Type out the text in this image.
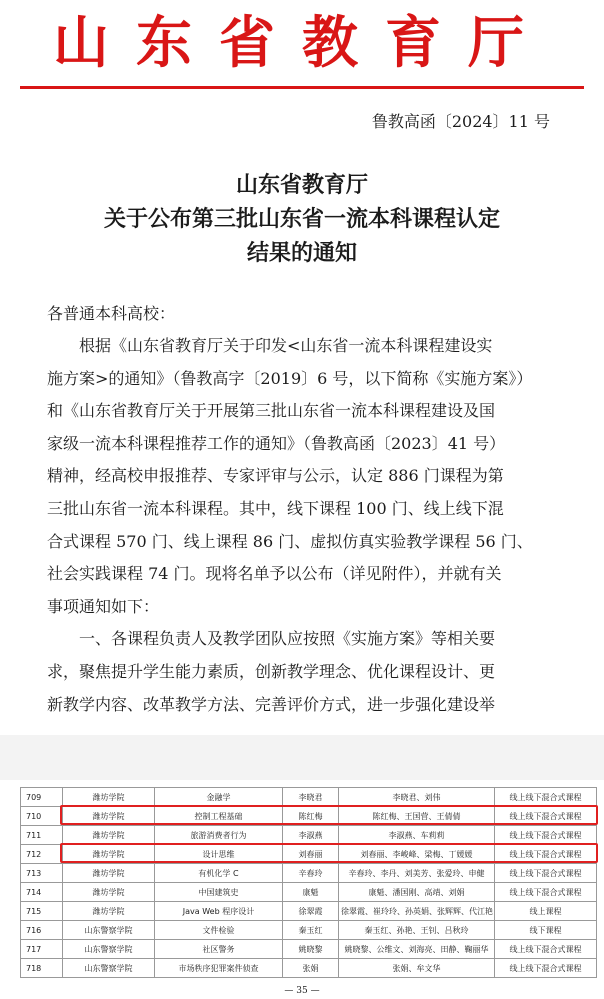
山东省教育厅
鲁教高函〔2024〕11 号
山东省教育厅
关于公布第三批山东省一流本科课程认定
结果的通知
各普通本科高校：
根据《山东省教育厅关于印发<山东省一流本科课程建设实
施方案>的通知》（鲁教高字〔2019〕6 号，以下简称《实施方案》）
和《山东省教育厅关于开展第三批山东省一流本科课程建设及国
家级一流本科课程推荐工作的通知》（鲁教高函〔2023〕41 号）
精神，经高校申报推荐、专家评审与公示，认定 886 门课程为第
三批山东省一流本科课程。其中，线下课程 100 门、线上线下混
合式课程 570 门、线上课程 86 门、虚拟仿真实验教学课程 56 门、
社会实践课程 74 门。现将名单予以公布（详见附件），并就有关
事项通知如下：
一、各课程负责人及教学团队应按照《实施方案》等相关要
求，聚焦提升学生能力素质，创新教学理念、优化课程设计、更
新教学内容、改革教学方法、完善评价方式，进一步强化建设举
709	潍坊学院	金融学	李晓君	李晓君、刘伟	线上线下混合式课程
710	潍坊学院	控制工程基础	陈红梅	陈红梅、王国营、王倩倩	线上线下混合式课程
711	潍坊学院	旅游消费者行为	李淑燕	李淑燕、车莉莉	线上线下混合式课程
712	潍坊学院	设计思维	刘春丽	刘春丽、李峻峰、梁梅、丁媛媛	线上线下混合式课程
713	潍坊学院	有机化学 C	辛春玲	辛春玲、李丹、刘美芳、张爱玲、申健	线上线下混合式课程
714	潍坊学院	中国建筑史	康魁	康魁、潘国刚、高靖、刘娟	线上线下混合式课程
715	潍坊学院	Java Web 程序设计	徐翠霞	徐翠霞、崔玲玲、孙英娟、张辉辉、代江艳	线上课程
716	山东警察学院	文件检验	秦玉红	秦玉红、孙艳、王钊、吕秋玲	线下课程
717	山东警察学院	社区警务	姚晓黎	姚晓黎、公维文、刘海亮、田静、鞠丽华	线上线下混合式课程
718	山东警察学院	市场秩序犯罪案件侦查	张娟	张娟、牟文华	线上线下混合式课程
— 35 —
